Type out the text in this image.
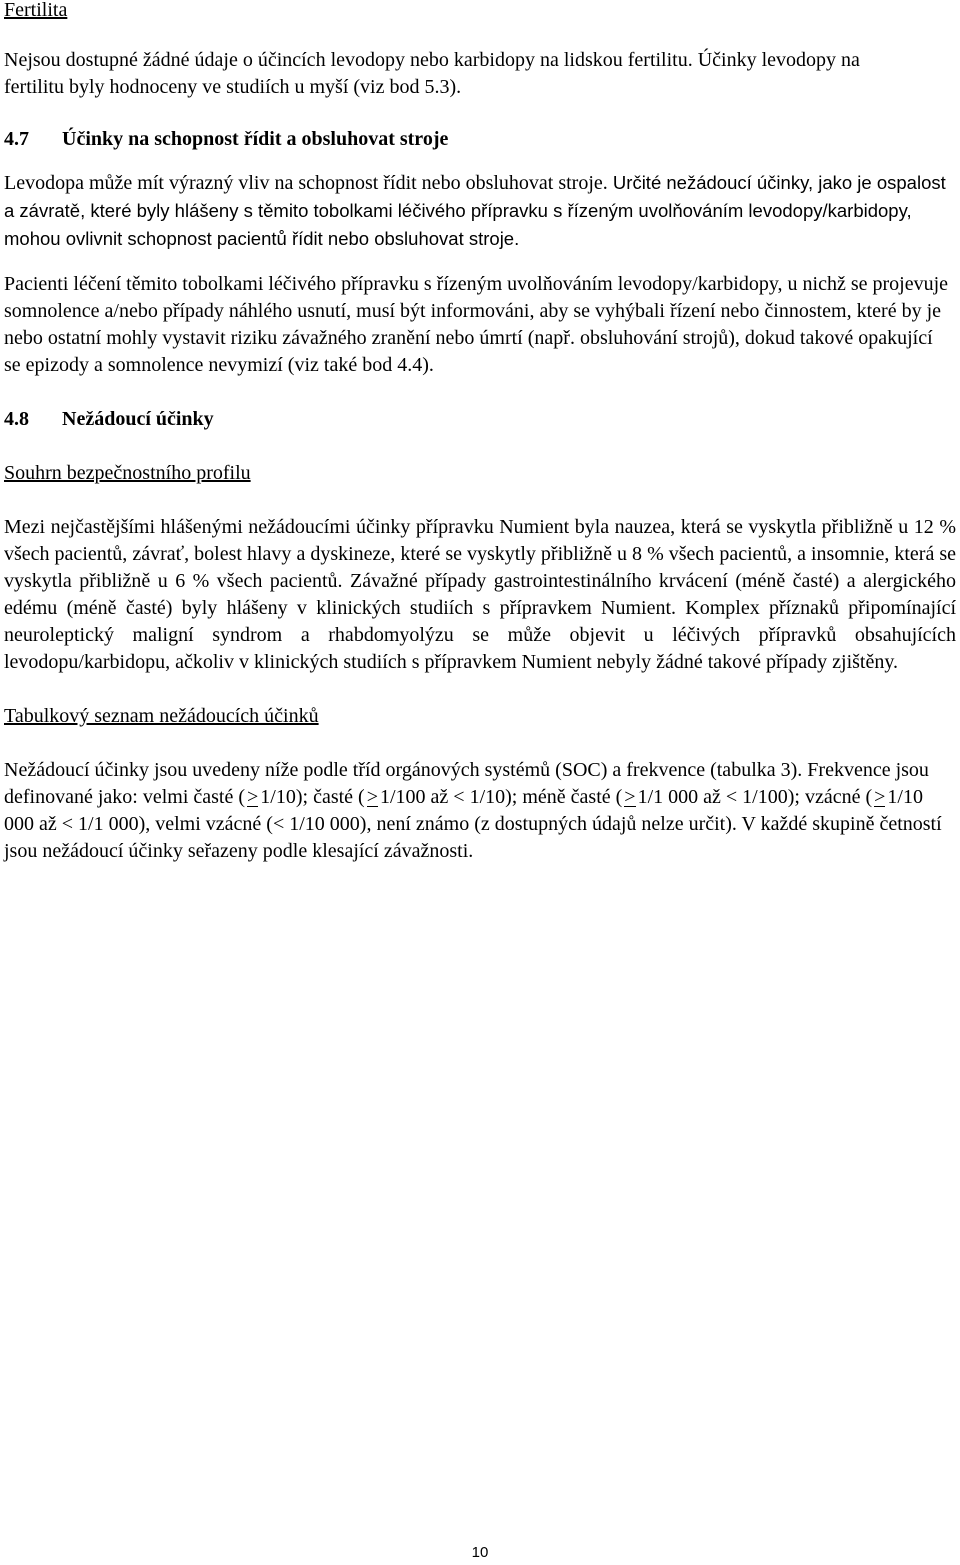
Fertilita

Nejsou dostupné žádné údaje o účincích levodopy nebo karbidopy na lidskou fertilitu. Účinky levodopy na fertilitu byly hodnoceny ve studiích u myší (viz bod 5.3).

4.7	Účinky na schopnost řídit a obsluhovat stroje

Levodopa může mít výrazný vliv na schopnost řídit nebo obsluhovat stroje. Určité nežádoucí účinky, jako je ospalost a závratě, které byly hlášeny s těmito tobolkami léčivého přípravku s řízeným uvolňováním levodopy/karbidopy, mohou ovlivnit schopnost pacientů řídit nebo obsluhovat stroje.

Pacienti léčení těmito tobolkami léčivého přípravku s řízeným uvolňováním levodopy/karbidopy, u nichž se projevuje somnolence a/nebo případy náhlého usnutí, musí být informováni, aby se vyhýbali řízení nebo činnostem, které by je nebo ostatní mohly vystavit riziku závažného zranění nebo úmrtí (např. obsluhování strojů), dokud takové opakující se epizody a somnolence nevymizí (viz také bod 4.4).

4.8	Nežádoucí účinky

Souhrn bezpečnostního profilu

Mezi nejčastějšími hlášenými nežádoucími účinky přípravku Numient byla nauzea, která se vyskytla přibližně u 12 % všech pacientů, závrať, bolest hlavy a dyskineze, které se vyskytly přibližně u 8 % všech pacientů, a insomnie, která se vyskytla přibližně u 6 % všech pacientů. Závažné případy gastrointestinálního krvácení (méně časté) a alergického edému (méně časté) byly hlášeny v klinických studiích s přípravkem Numient. Komplex příznaků připomínající neuroleptický maligní syndrom a rhabdomyolýzu se může objevit u léčivých přípravků obsahujících levodopu/karbidopu, ačkoliv v klinických studiích s přípravkem Numient nebyly žádné takové případy zjištěny.

Tabulkový seznam nežádoucích účinků

Nežádoucí účinky jsou uvedeny níže podle tříd orgánových systémů (SOC) a frekvence (tabulka 3). Frekvence jsou definované jako: velmi časté ( > 1/10); časté ( > 1/100 až < 1/10); méně časté ( > 1/1 000 až < 1/100); vzácné ( > 1/10 000 až < 1/1 000), velmi vzácné (< 1/10 000), není známo (z dostupných údajů nelze určit). V každé skupině četností jsou nežádoucí účinky seřazeny podle klesající závažnosti.

10
